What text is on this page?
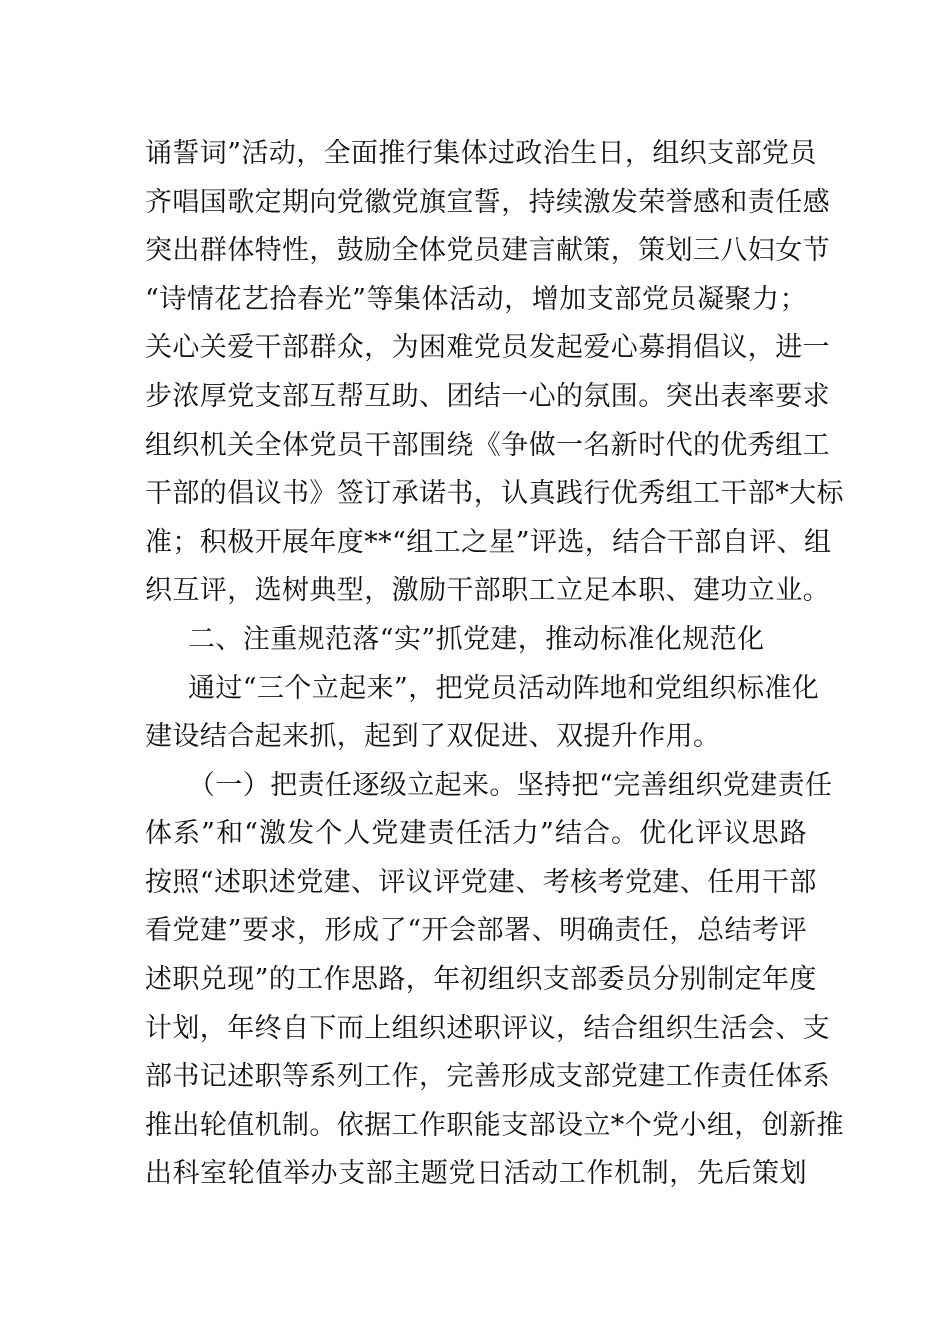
诵誓词”活动，全面推行集体过政治生日，组织支部党员
齐唱国歌定期向党徽党旗宣誓，持续激发荣誉感和责任感
突出群体特性，鼓励全体党员建言献策，策划三八妇女节
“诗情花艺拾春光”等集体活动，增加支部党员凝聚力；
关心关爱干部群众，为困难党员发起爱心募捐倡议，进一
步浓厚党支部互帮互助、团结一心的氛围。突出表率要求
组织机关全体党员干部围绕《争做一名新时代的优秀组工
干部的倡议书》签订承诺书，认真践行优秀组工干部*大标
准；积极开展年度**“组工之星”评选，结合干部自评、组
织互评，选树典型，激励干部职工立足本职、建功立业。
二、注重规范落“实”抓党建，推动标准化规范化
通过“三个立起来”，把党员活动阵地和党组织标准化
建设结合起来抓，起到了双促进、双提升作用。
（一）把责任逐级立起来。坚持把“完善组织党建责任
体系”和“激发个人党建责任活力”结合。优化评议思路
按照“述职述党建、评议评党建、考核考党建、任用干部
看党建”要求，形成了“开会部署、明确责任，总结考评
述职兑现”的工作思路，年初组织支部委员分别制定年度
计划，年终自下而上组织述职评议，结合组织生活会、支
部书记述职等系列工作，完善形成支部党建工作责任体系
推出轮值机制。依据工作职能支部设立*个党小组，创新推
出科室轮值举办支部主题党日活动工作机制，先后策划
